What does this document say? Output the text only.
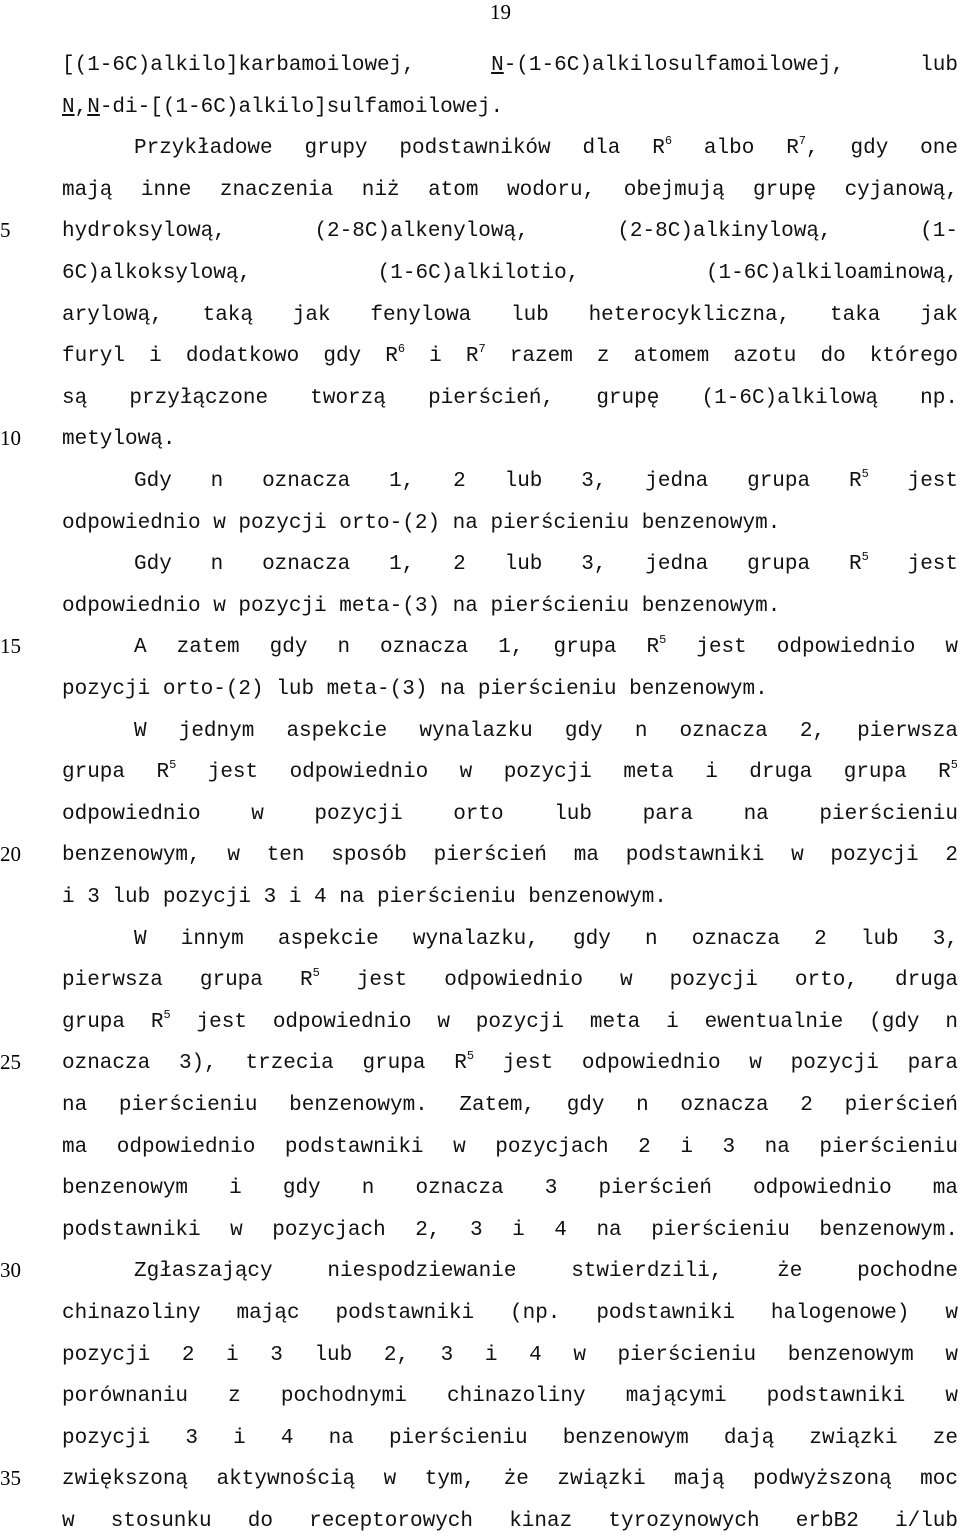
19
5
10
15
20
25
30
35
[(1-6C)alkilo]karbamoilowej, N-(1-6C)alkilosulfamoilowej, lub
N,N-di-[(1-6C)alkilo]sulfamoilowej.
Przykładowe grupy podstawników dla $R^6$ albo $R^7$, gdy one
mają inne znaczenia niż atom wodoru, obejmują grupę cyjanową,
hydroksylową, (2-8C)alkenylową, (2-8C)alkinylową, (1-
6C)alkoksylową, (1-6C)alkilotio, (1-6C)alkiloaminową,
arylową, taką jak fenylowa lub heterocykliczna, taka jak
furyl i dodatkowo gdy $R^6$ i $R^7$ razem z atomem azotu do którego
są przyłączone tworzą pierścień, grupę (1-6C)alkilową np.
metylową.
Gdy n oznacza 1, 2 lub 3, jedna grupa $R^5$ jest
odpowiednio w pozycji orto-(2) na pierścieniu benzenowym.
Gdy n oznacza 1, 2 lub 3, jedna grupa $R^5$ jest
odpowiednio w pozycji meta-(3) na pierścieniu benzenowym.
A zatem gdy n oznacza 1, grupa $R^5$ jest odpowiednio w
pozycji orto-(2) lub meta-(3) na pierścieniu benzenowym.
W jednym aspekcie wynalazku gdy n oznacza 2, pierwsza
grupa $R^5$ jest odpowiednio w pozycji meta i druga grupa $R^5$
odpowiednio w pozycji orto lub para na pierścieniu
benzenowym, w ten sposób pierścień ma podstawniki w pozycji 2
i 3 lub pozycji 3 i 4 na pierścieniu benzenowym.
W innym aspekcie wynalazku, gdy n oznacza 2 lub 3,
pierwsza grupa $R^5$ jest odpowiednio w pozycji orto, druga
grupa $R^5$ jest odpowiednio w pozycji meta i ewentualnie (gdy n
oznacza 3), trzecia grupa $R^5$ jest odpowiednio w pozycji para
na pierścieniu benzenowym. Zatem, gdy n oznacza 2 pierścień
ma odpowiednio podstawniki w pozycjach 2 i 3 na pierścieniu
benzenowym i gdy n oznacza 3 pierścień odpowiednio ma
podstawniki w pozycjach 2, 3 i 4 na pierścieniu benzenowym.
Zgłaszający niespodziewanie stwierdzili, że pochodne
chinazoliny mając podstawniki (np. podstawniki halogenowe) w
pozycji 2 i 3 lub 2, 3 i 4 w pierścieniu benzenowym w
porównaniu z pochodnymi chinazoliny mającymi podstawniki w
pozycji 3 i 4 na pierścieniu benzenowym dają związki ze
zwiększoną aktywnością w tym, że związki mają podwyższoną moc
w stosunku do receptorowych kinaz tyrozynowych erbB2 i/lub
